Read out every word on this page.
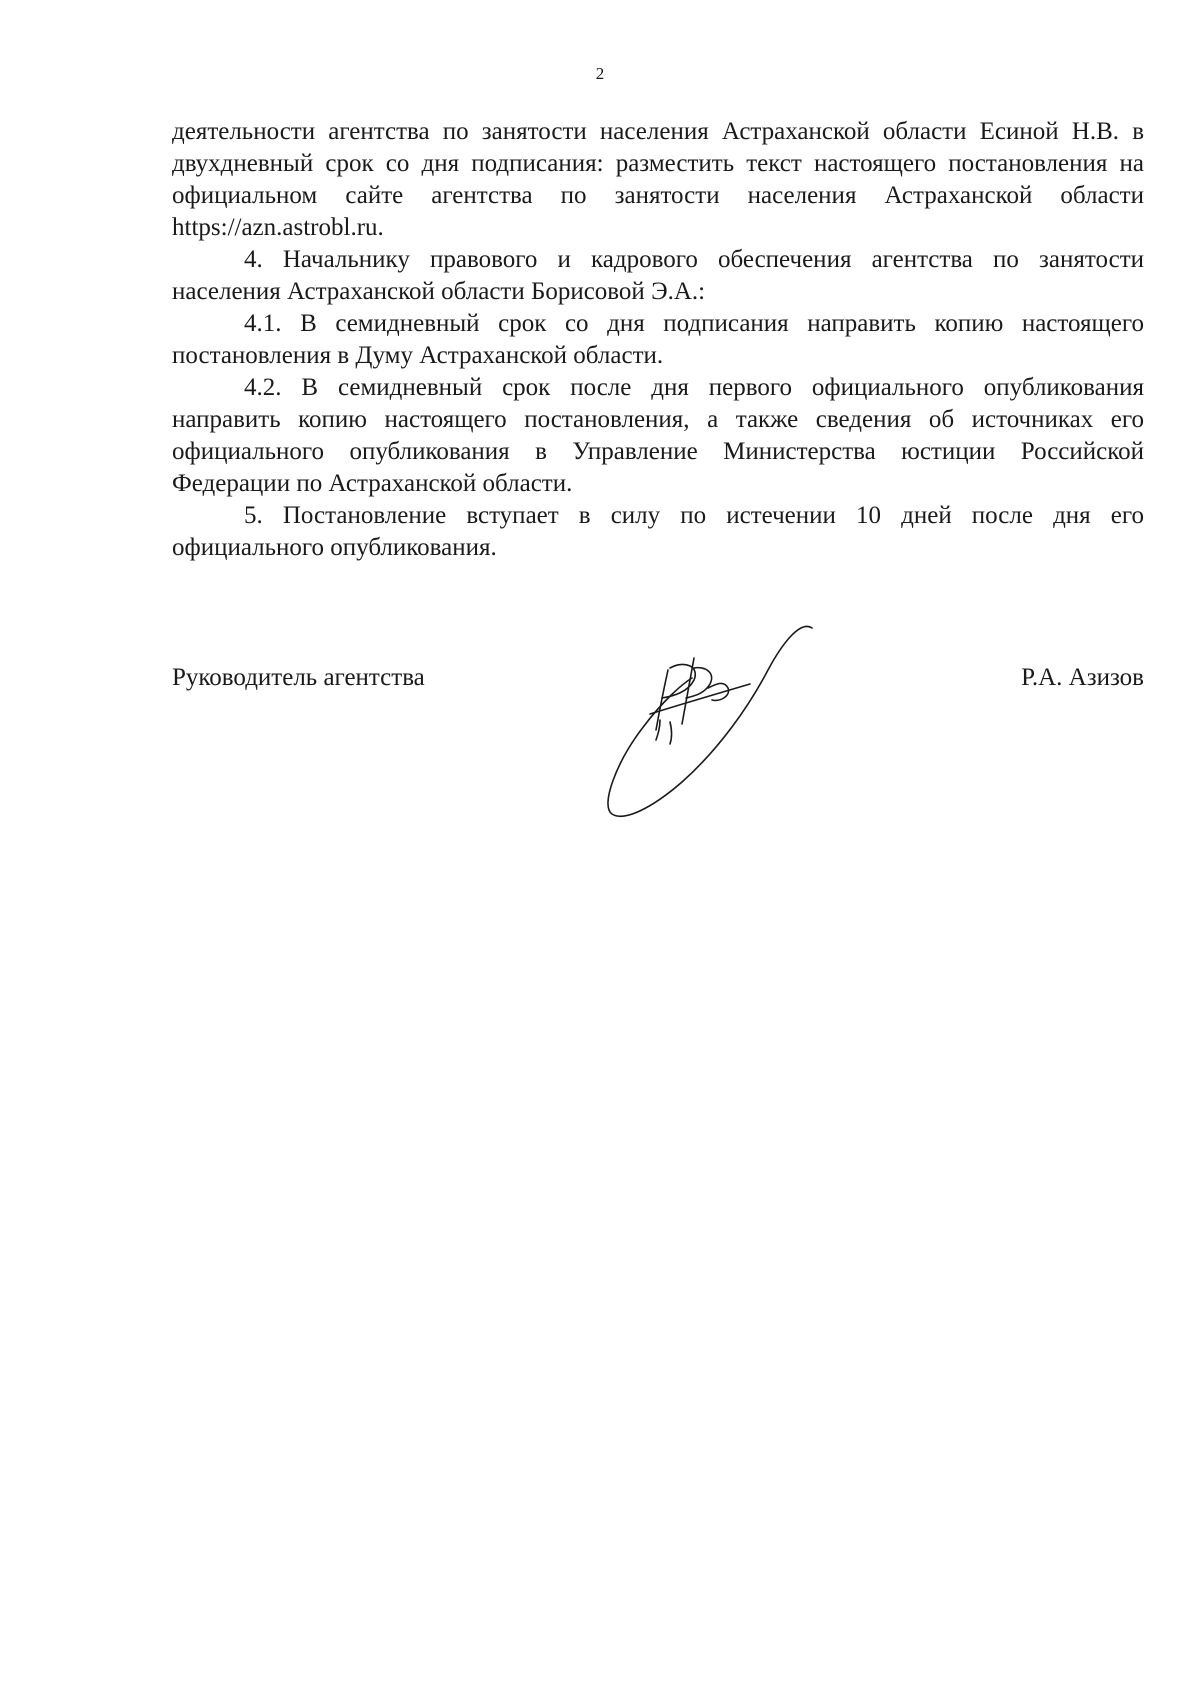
2

деятельности агентства по занятости населения Астраханской области Есиной Н.В. в двухдневный срок со дня подписания: разместить текст настоящего постановления на официальном сайте агентства по занятости населения Астраханской области https://azn.astrobl.ru.

4. Начальнику правового и кадрового обеспечения агентства по занятости населения Астраханской области Борисовой Э.А.:

4.1. В семидневный срок со дня подписания направить копию настоящего постановления в Думу Астраханской области.

4.2. В семидневный срок после дня первого официального опубликования направить копию настоящего постановления, а также сведения об источниках его официального опубликования в Управление Министерства юстиции Российской Федерации по Астраханской области.

5. Постановление вступает в силу по истечении 10 дней после дня его официального опубликования.

Руководитель агентства	Р.А. Азизов
